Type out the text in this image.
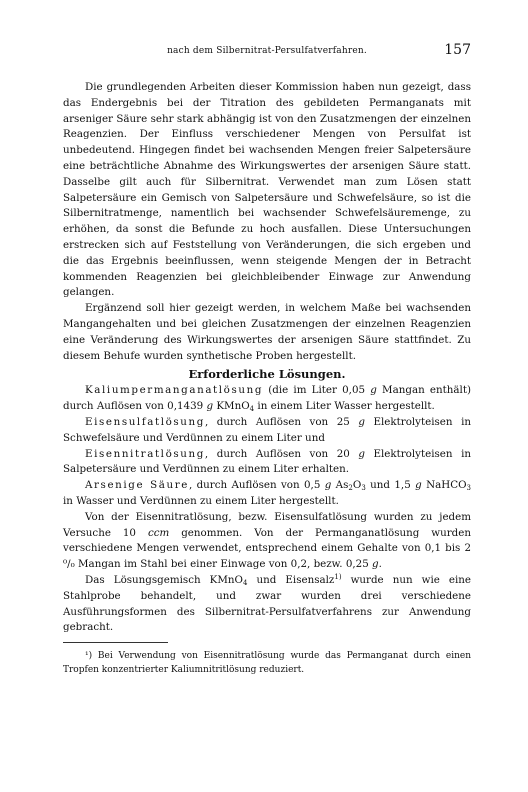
nach dem Silbernitrat-Persulfatverfahren.	157

Die grundlegenden Arbeiten dieser Kommission haben nun gezeigt, dass das Endergebnis bei der Titration des gebildeten Permanganats mit arseniger Säure sehr stark abhängig ist von den Zusatzmengen der einzelnen Reagenzien. Der Einfluss verschiedener Mengen von Persulfat ist unbedeutend. Hingegen findet bei wachsenden Mengen freier Salpetersäure eine beträchtliche Abnahme des Wirkungswertes der arsenigen Säure statt. Dasselbe gilt auch für Silbernitrat. Verwendet man zum Lösen statt Salpetersäure ein Gemisch von Salpetersäure und Schwefelsäure, so ist die Silbernitratmenge, namentlich bei wachsender Schwefelsäuremenge, zu erhöhen, da sonst die Befunde zu hoch ausfallen. Diese Untersuchungen erstrecken sich auf Feststellung von Veränderungen, die sich ergeben und die das Ergebnis beeinflussen, wenn steigende Mengen der in Betracht kommenden Reagenzien bei gleichbleibender Einwage zur Anwendung gelangen.

Ergänzend soll hier gezeigt werden, in welchem Maße bei wachsenden Mangangehalten und bei gleichen Zusatzmengen der einzelnen Reagenzien eine Veränderung des Wirkungswertes der arsenigen Säure stattfindet. Zu diesem Behufe wurden synthetische Proben hergestellt.

Erforderliche Lösungen.

Kaliumpermanganatlösung (die im Liter 0,05 g Mangan enthält) durch Auflösen von 0,1439 g KMnO$_4$ in einem Liter Wasser hergestellt.

Eisensulfatlösung, durch Auflösen von 25 g Elektrolyteisen in Schwefelsäure und Verdünnen zu einem Liter und

Eisennitratlösung, durch Auflösen von 20 g Elektrolyteisen in Salpetersäure und Verdünnen zu einem Liter erhalten.

Arsenige Säure, durch Auflösen von 0,5 g $As_2O_3$ und 1,5 g NaHCO$_3$ in Wasser und Verdünnen zu einem Liter hergestellt.

Von der Eisennitratlösung, bezw. Eisensulfatlösung wurden zu jedem Versuche 10 ccm genommen. Von der Permanganatlösung wurden verschiedene Mengen verwendet, entsprechend einem Gehalte von 0,1 bis 2 ⁰/₀ Mangan im Stahl bei einer Einwage von 0,2, bezw. 0,25 g.

Das Lösungsgemisch KMnO$_4$ und Eisensalz$^{1)}$ wurde nun wie eine Stahlprobe behandelt, und zwar wurden drei verschiedene Ausführungsformen des Silbernitrat-Persulfatverfahrens zur Anwendung gebracht.

¹) Bei Verwendung von Eisennitratlösung wurde das Permanganat durch einen Tropfen konzentrierter Kaliumnitritlösung reduziert.
